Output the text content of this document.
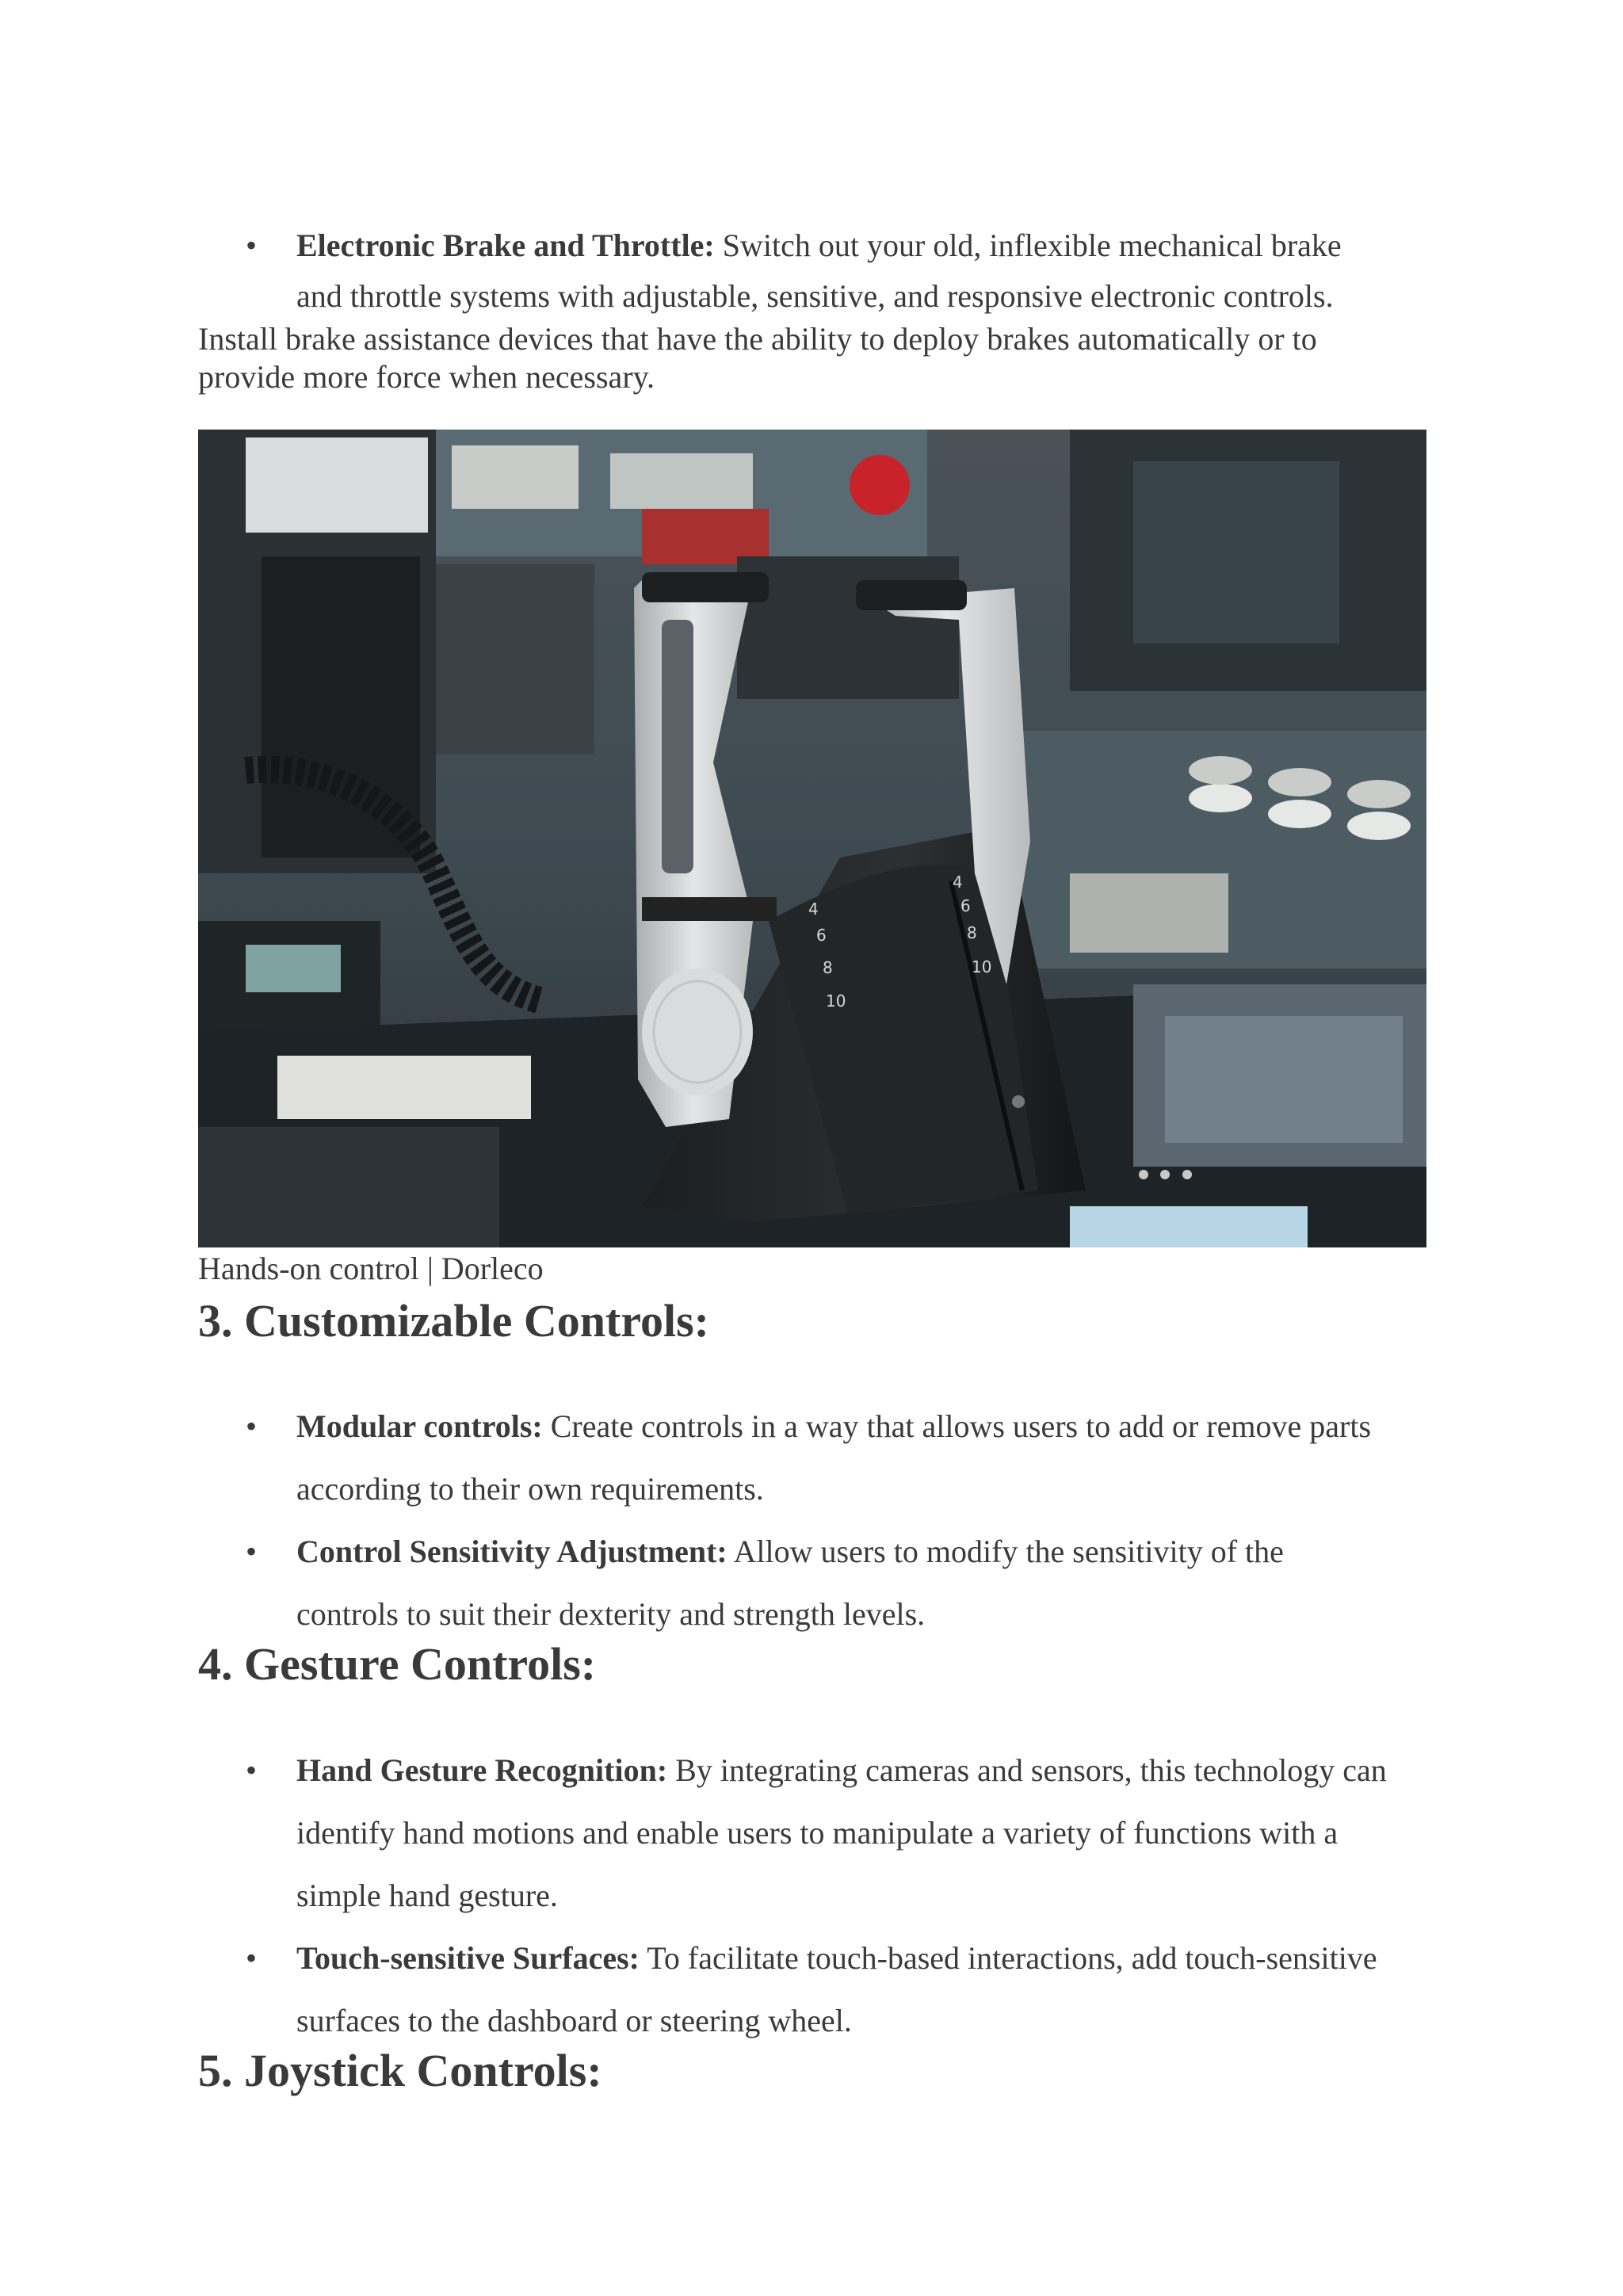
• Electronic Brake and Throttle: Switch out your old, inflexible mechanical brake
and throttle systems with adjustable, sensitive, and responsive electronic controls.

Install brake assistance devices that have the ability to deploy brakes automatically or to

provide more force when necessary.

4
6
8
10
4
6
8
10
Hands-on control | Dorleco
3. Customizable Controls:
• Modular controls: Create controls in a way that allows users to add or remove parts
according to their own requirements.
• Control Sensitivity Adjustment: Allow users to modify the sensitivity of the
controls to suit their dexterity and strength levels.
4. Gesture Controls:
• Hand Gesture Recognition: By integrating cameras and sensors, this technology can
identify hand motions and enable users to manipulate a variety of functions with a
simple hand gesture.
• Touch-sensitive Surfaces: To facilitate touch-based interactions, add touch-sensitive
surfaces to the dashboard or steering wheel.
5. Joystick Controls:
